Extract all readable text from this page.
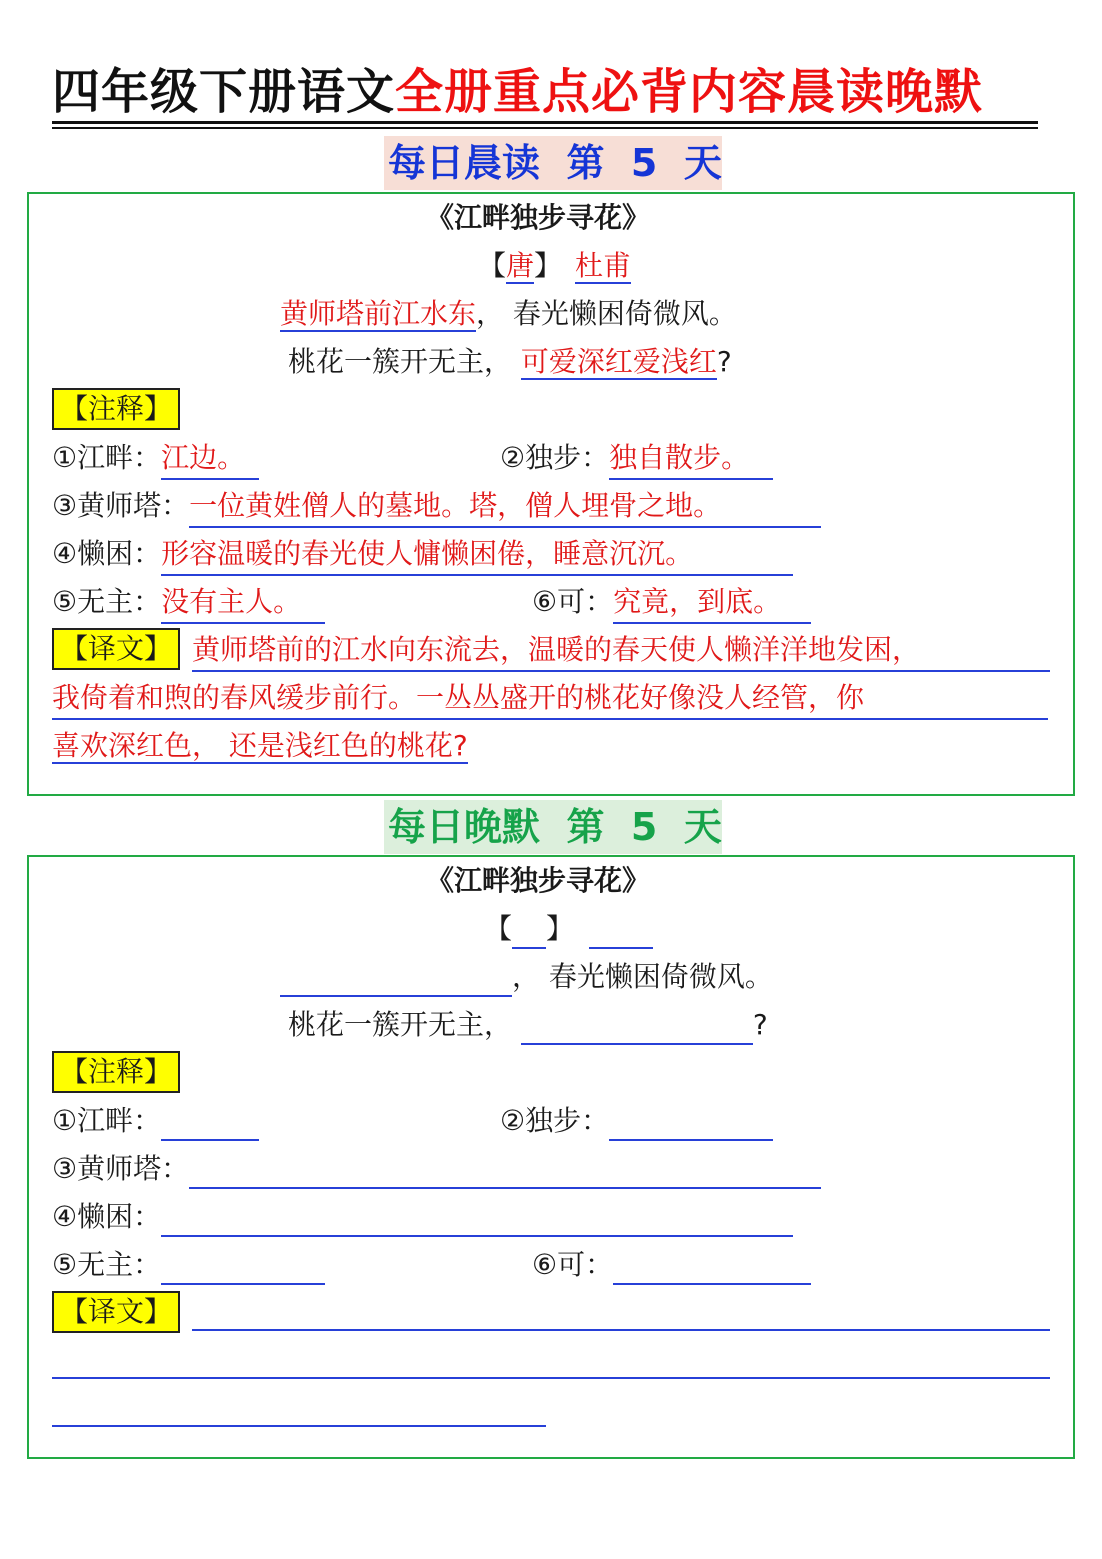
四年级下册语文全册重点必背内容晨读晚默
每日晨读  第  5  天
《江畔独步寻花》
【唐】 杜甫
黄师塔前江水东， 春光懒困倚微风。
桃花一簇开无主， 可爱深红爱浅红?
【注释】
①江畔：江边。	②独步：独自散步。
③黄师塔：一位黄姓僧人的墓地。塔，僧人埋骨之地。
④懒困：形容温暖的春光使人慵懒困倦，睡意沉沉。
⑤无主：没有主人。	⑥可：究竟，到底。
【译文】 黄师塔前的江水向东流去，温暖的春天使人懒洋洋地发困，
我倚着和煦的春风缓步前行。一丛丛盛开的桃花好像没人经管，你
喜欢深红色， 还是浅红色的桃花?
每日晚默  第  5  天
《江畔独步寻花》
【 】
， 春光懒困倚微风。
桃花一簇开无主，	?
【注释】
①江畔：	②独步：
③黄师塔：
④懒困：
⑤无主：	⑥可：
【译文】
